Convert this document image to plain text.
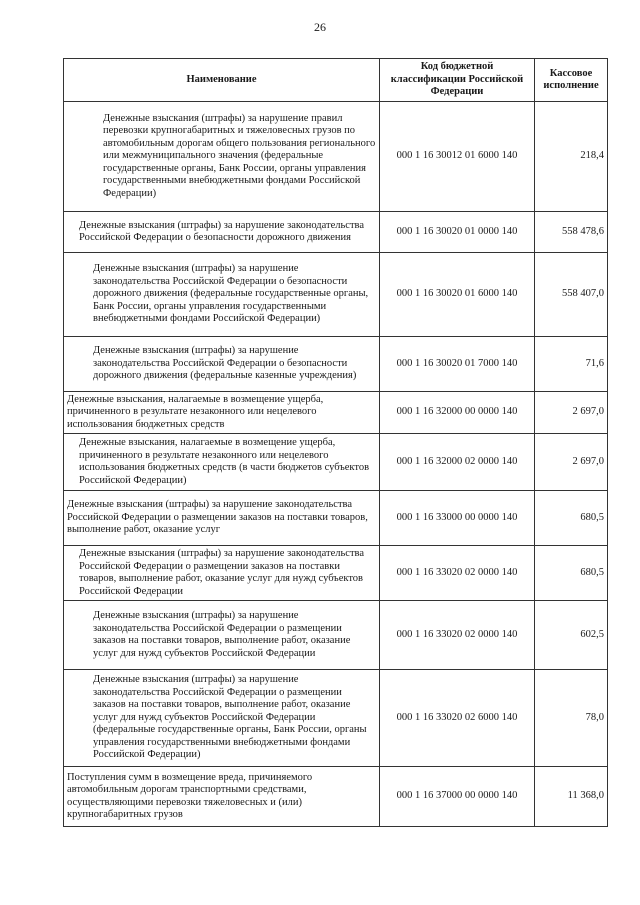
26
Наименование	Код бюджетной классификации Российской Федерации	Кассовое исполнение

Денежные взыскания (штрафы) за нарушение правил перевозки крупногабаритных и тяжеловесных грузов по автомобильным дорогам общего пользования регионального или межмуниципального значения (федеральные государственные органы, Банк России, органы управления государственными внебюджетными фондами Российской Федерации)	000 1 16 30012 01 6000 140	218,4

Денежные взыскания (штрафы) за нарушение законодательства Российской Федерации о безопасности дорожного движения	000 1 16 30020 01 0000 140	558 478,6

Денежные взыскания (штрафы) за нарушение законодательства Российской Федерации о безопасности дорожного движения (федеральные государственные органы, Банк России, органы управления государственными внебюджетными фондами Российской Федерации)	000 1 16 30020 01 6000 140	558 407,0

Денежные взыскания (штрафы) за нарушение законодательства Российской Федерации о безопасности дорожного движения (федеральные казенные учреждения)	000 1 16 30020 01 7000 140	71,6

Денежные взыскания, налагаемые в возмещение ущерба, причиненного в результате незаконного или нецелевого использования бюджетных средств	000 1 16 32000 00 0000 140	2 697,0

Денежные взыскания, налагаемые в возмещение ущерба, причиненного в результате незаконного или нецелевого использования бюджетных средств (в части бюджетов субъектов Российской Федерации)	000 1 16 32000 02 0000 140	2 697,0

Денежные взыскания (штрафы) за нарушение законодательства Российской Федерации о размещении заказов на поставки товаров, выполнение работ, оказание услуг	000 1 16 33000 00 0000 140	680,5

Денежные взыскания (штрафы) за нарушение законодательства Российской Федерации о размещении заказов на поставки товаров, выполнение работ, оказание услуг для нужд субъектов Российской Федерации	000 1 16 33020 02 0000 140	680,5

Денежные взыскания (штрафы) за нарушение законодательства Российской Федерации о размещении заказов на поставки товаров, выполнение работ, оказание услуг для нужд субъектов Российской Федерации	000 1 16 33020 02 0000 140	602,5

Денежные взыскания (штрафы) за нарушение законодательства Российской Федерации о размещении заказов на поставки товаров, выполнение работ, оказание услуг для нужд субъектов Российской Федерации (федеральные государственные органы, Банк России, органы управления государственными внебюджетными фондами Российской Федерации)	000 1 16 33020 02 6000 140	78,0

Поступления сумм в возмещение вреда, причиняемого автомобильным дорогам транспортными средствами, осуществляющими перевозки тяжеловесных и (или) крупногабаритных грузов	000 1 16 37000 00 0000 140	11 368,0
